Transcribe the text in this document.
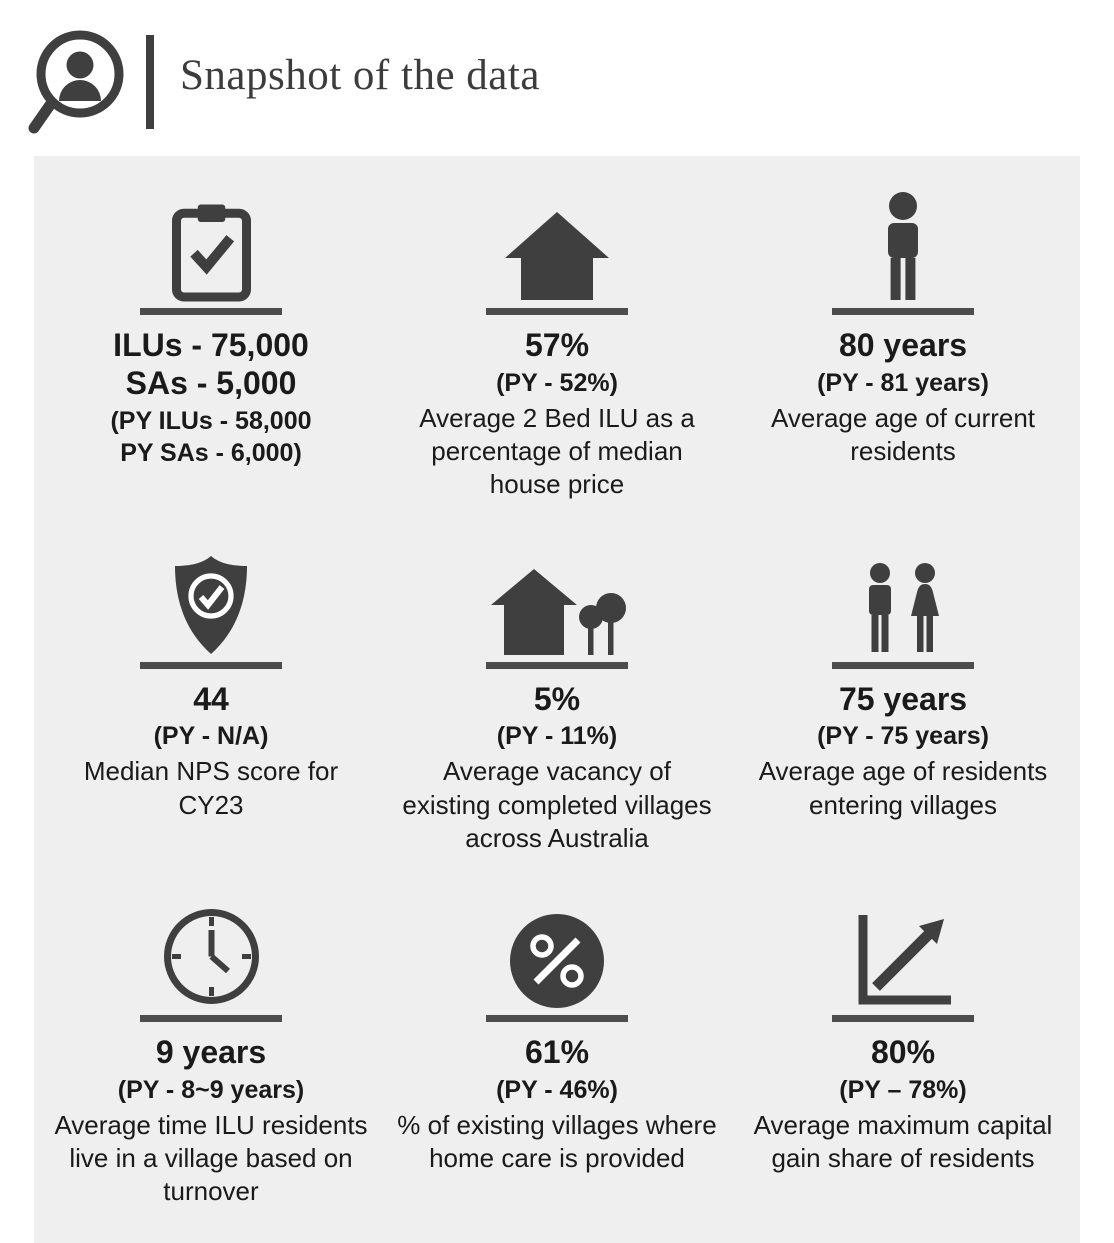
Snapshot of the data
ILUs - 75,000
SAs - 5,000
(PY ILUs - 58,000
PY SAs - 6,000)
57%
(PY - 52%)
Average 2 Bed ILU as a percentage of median house price
80 years
(PY - 81 years)
Average age of current residents
44
(PY - N/A)
Median NPS score for CY23
5%
(PY - 11%)
Average vacancy of existing completed villages across Australia
75 years
(PY - 75 years)
Average age of residents entering villages
9 years
(PY - 8~9 years)
Average time ILU residents live in a village based on turnover
61%
(PY - 46%)
% of existing villages where home care is provided
80%
(PY – 78%)
Average maximum capital gain share of residents
